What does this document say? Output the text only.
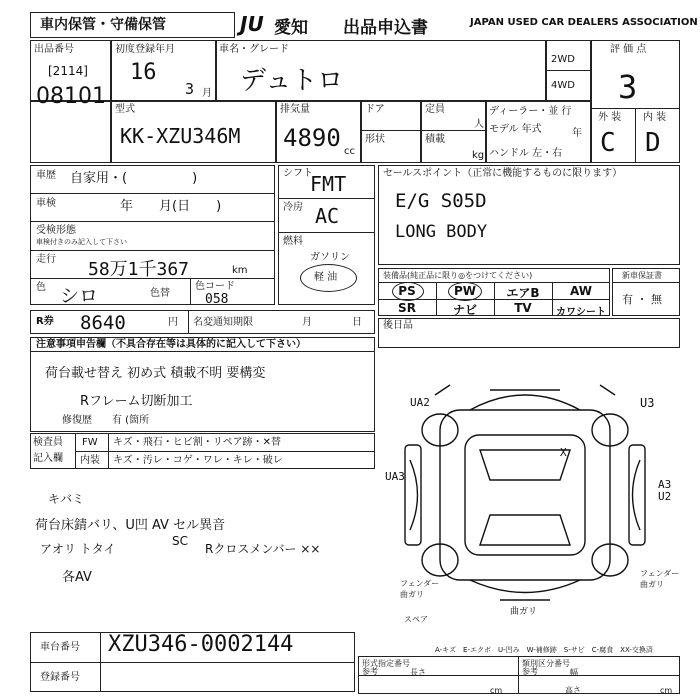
車内保管・守備保管	JU 愛知 出品申込書	JAPAN USED CAR DEALERS ASSOCIATION
出品番号
[2114]
08101
初度登録年月
16
3 月
車名・グレード
デュトロ
2WD
4WD
評 価 点
3
外 装 内 装
C D
型式
KK-XZU346M
排気量
4890 cc
ドア	定員
人
形状	積載
kg
ディーラー・並 行
モデル 年式	年
ハンドル 左・右
車歴 自家用・(　　　　　)
車検	年　　月(日　　)
受検形態
車検付きのみ記入して下さい
走行 58万1千367	km
色 シロ	色替
色コード
058
シフト
FMT
冷房 AC
燃料
ガソリン
軽 油
セールスポイント（正常に機能するものに限ります）
E/G S05D
LONG BODY
装備品(純正品に限り◎をつけてください)
PS	PW	エアB	AW
SR	ナビ	TV	カワシート
新車保証書
有 ・ 無
R券 8640	円 名変通知期限	月	日 後日品
注意事項申告欄（不具合存在等は具体的に記入して下さい）
荷台載せ替え 初め式 積載不明 要構変
Rフレーム切断加工
修復歴　　有 (箇所
検査員
記入欄
FW キズ・飛石・ヒビ割・リペア跡・✕替
内装 キズ・汚レ・コゲ・ワレ・キレ・破レ
キバミ
荷台床錆バリ、U凹 AV セル異音
SC
アオリ トタイ	Rクロスメンバー ××
各AV
UA2	U3
UA3
A3
U2
X
フェンダー 曲ガリ
フェンダー 曲ガリ
スペア
曲ガリ
A-キズ　E-エクボ　U-凹み　W-補修跡　S-サビ　C-腐食　XX-交換済
車台番号 XZU346-0002144
登録番号
形式指定番号
参考	長さ
cm
類別区分番号
参考	幅
高さ	cm
